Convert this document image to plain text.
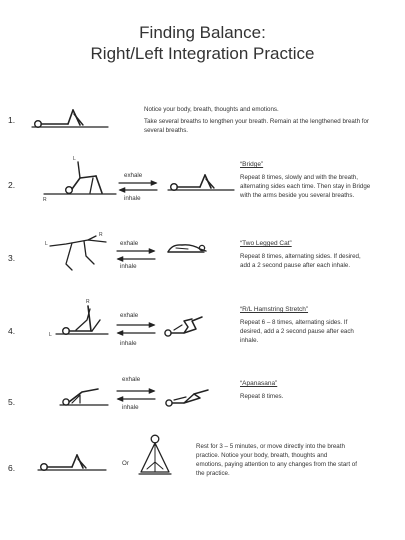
Finding Balance:
Right/Left Integration Practice
1.
Notice your body, breath, thoughts and emotions.
Take several breaths to lengthen your breath. Remain at the lengthened breath for
several breaths.
2.
L
R
exhale
inhale
“Bridge”
Repeat 8 times, slowly and with the breath,
alternating sides each time. Then stay in Bridge
with the arms beside you several breaths.
3.
L
R
exhale
inhale
“Two Legged Cat”
Repeat 8 times, alternating sides. If desired,
add a 2 second pause after each inhale.
4.
R
L
exhale
inhale
“R/L Hamstring Stretch”
Repeat 6 – 8 times, alternating sides. If
desired, add a 2 second pause after each
inhale.
5.
exhale
inhale
“Apanasana”
Repeat 8 times.
6.	Or
Rest for 3 – 5 minutes, or move directly into the breath
practice. Notice your body, breath, thoughts and
emotions, paying attention to any changes from the start of
the practice.
